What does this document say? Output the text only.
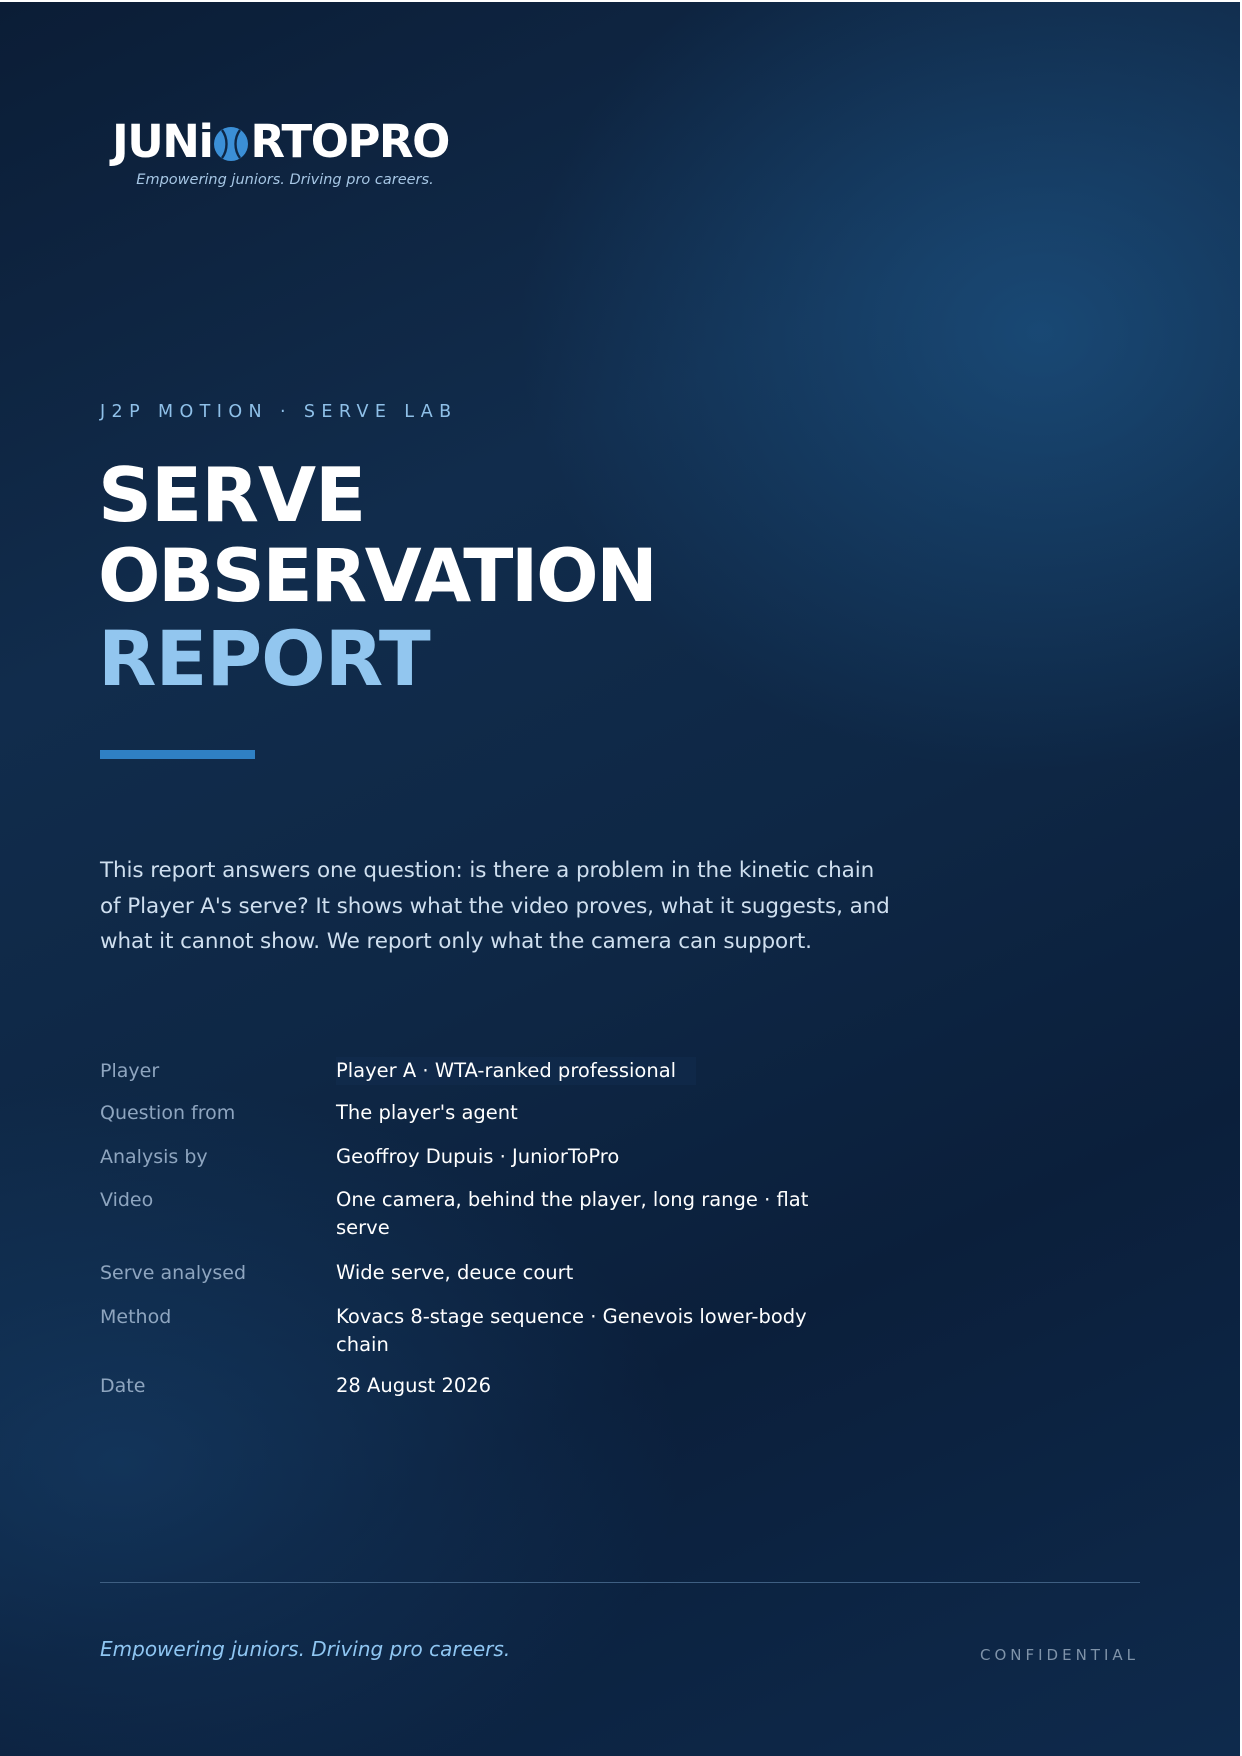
JUNi RTOPRO
Empowering juniors. Driving pro careers.
J2P MOTION · SERVE LAB
SERVE
OBSERVATION
REPORT

This report answers one question: is there a problem in the kinetic chain of Player A's serve? It shows what the video proves, what it suggests, and what it cannot show. We report only what the camera can support.

Player	Player A · WTA-ranked professional
Question from	The player's agent
Analysis by	Geoffroy Dupuis · JuniorToPro
Video	One camera, behind the player, long range · flat serve
Serve analysed	Wide serve, deuce court
Method	Kovacs 8-stage sequence · Genevois lower-body chain
Date	28 August 2026
Empowering juniors. Driving pro careers.	CONFIDENTIAL
